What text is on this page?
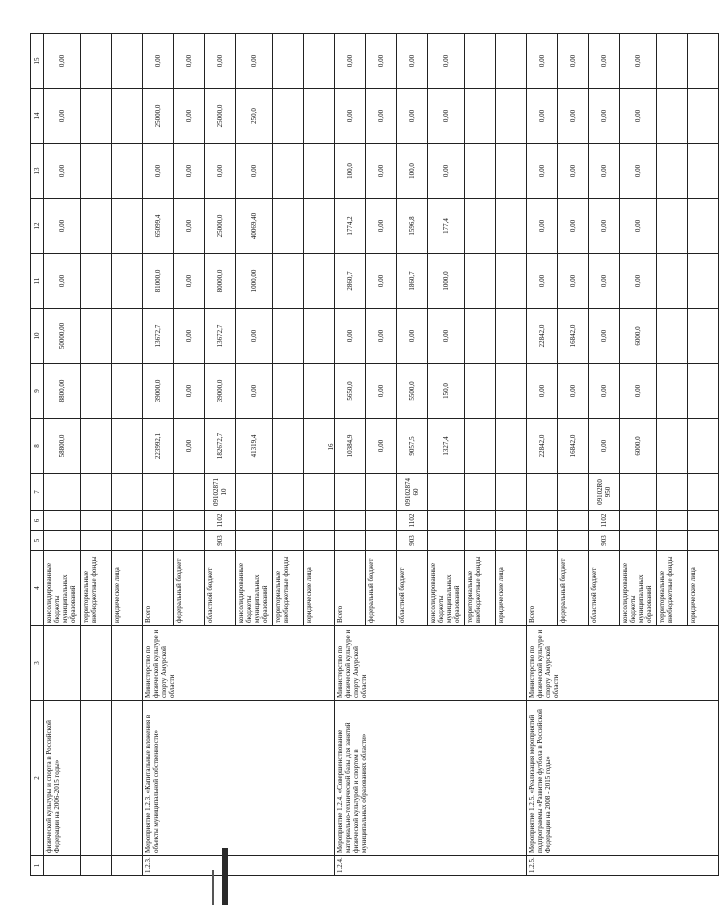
16
1	2	3	4	5	6	7	8	9	10	11	12	13	14	15
	физической культуры и спорта в Российской Федерации на 2006-2015 годы»		консолидированные бюджеты муниципальных образований				58800,0	8800,00	50000,00	0,00	0,00	0,00	0,00	0,00
			территориальные внебюджетные фонды											
			юридические лица											
1.2.3.	Мероприятие 1.2.3. «Капитальные вложения в объекты муниципальной собственности»	Министерство по физической культуре и спорту Амурской области	Всего				223992,1	39000,0	13672,7	81000,0	65099,4	0,00	25000,0	0,00
			федеральный бюджет				0,00	0,00	0,00	0,00	0,00	0,00	0,00	0,00
			областной бюджет	903	1102	09102871 10	182672,7	39000,0	13672,7	80000,0	25000,0	0,00	25000,0	0,00
			консолидированные бюджеты муниципальных образований				41319,4	0,00	0,00	1000,00	40069,40	0,00	250,0	0,00
			территориальные внебюджетные фонды											
			юридические лица											
1.2.4.	Мероприятие 1.2.4. «Совершенствование материально-технической базы для занятий физической культурой и спортом в муниципальных образованиях области»	Министерство по физической культуре и спорту Амурской области	Всего				10384,9	5650,0	0,00	2860,7	1774,2	100,0	0,00	0,00
			федеральный бюджет				0,00	0,00	0,00	0,00	0,00	0,00	0,00	0,00
			областной бюджет	903	1102	09102874 60	9057,5	5500,0	0,00	1860,7	1596,8	100,0	0,00	0,00
			консолидированные бюджеты муниципальных образований				1327,4	150,0	0,00	1000,0	177,4	0,00	0,00	0,00
			территориальные внебюджетные фонды											
			юридические лица											
1.2.5.	Мероприятие 1.2.5. «Реализация мероприятий подпрограммы «Развитие футбола в Российской Федерации на 2008 - 2015 годы»	Министерство по физической культуре и спорту Амурской области	Всего				22842,0	0,00	22842,0	0,00	0,00	0,00	0,00	0,00
			федеральный бюджет				16842,0	0,00	16842,0	0,00	0,00	0,00	0,00	0,00
			областной бюджет	903	1102	09102R0 950	0,00	0,00	0,00	0,00	0,00	0,00	0,00	0,00
			консолидированные бюджеты муниципальных образований				6000,0	0,00	6000,0	0,00	0,00	0,00	0,00	0,00
			территориальные внебюджетные фонды											
			юридические лица											
